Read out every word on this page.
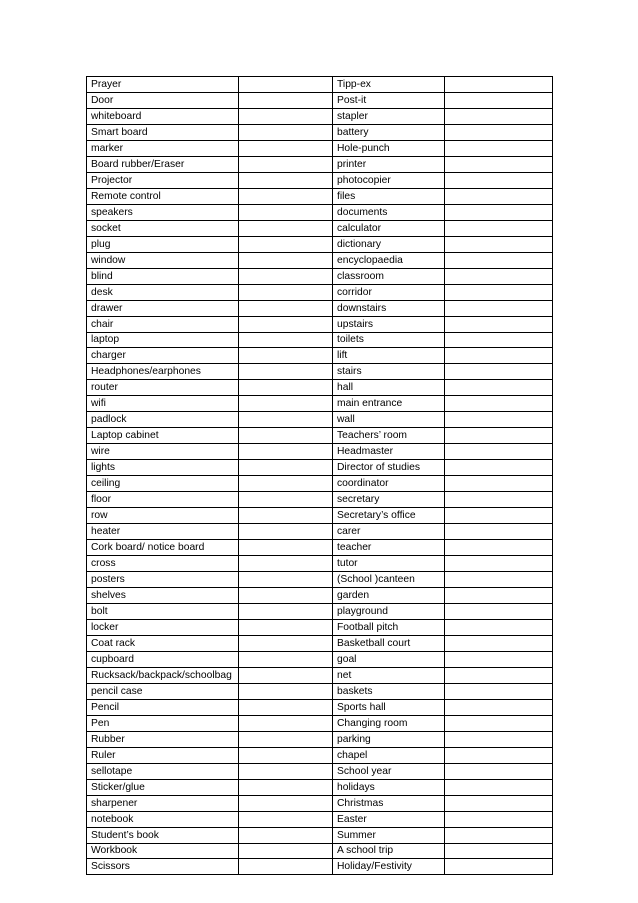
Prayer		Tipp-ex	
Door		Post-it	
whiteboard		stapler	
Smart board		battery	
marker		Hole-punch	
Board rubber/Eraser		printer	
Projector		photocopier	
Remote control		files	
speakers		documents	
socket		calculator	
plug		dictionary	
window		encyclopaedia	
blind		classroom	
desk		corridor	
drawer		downstairs	
chair		upstairs	
laptop		toilets	
charger		lift	
Headphones/earphones		stairs	
router		hall	
wifi		main entrance	
padlock		wall	
Laptop cabinet		Teachers’ room	
wire		Headmaster	
lights		Director of studies	
ceiling		coordinator	
floor		secretary	
row		Secretary’s office	
heater		carer	
Cork board/ notice board		teacher	
cross		tutor	
posters		(School )canteen	
shelves		garden	
bolt		playground	
locker		Football pitch	
Coat rack		Basketball court	
cupboard		goal	
Rucksack/backpack/schoolbag		net	
pencil case		baskets	
Pencil		Sports hall	
Pen		Changing room	
Rubber		parking	
Ruler		chapel	
sellotape		School year	
Sticker/glue		holidays	
sharpener		Christmas	
notebook		Easter	
Student’s book		Summer	
Workbook		A school trip	
Scissors		Holiday/Festivity	
